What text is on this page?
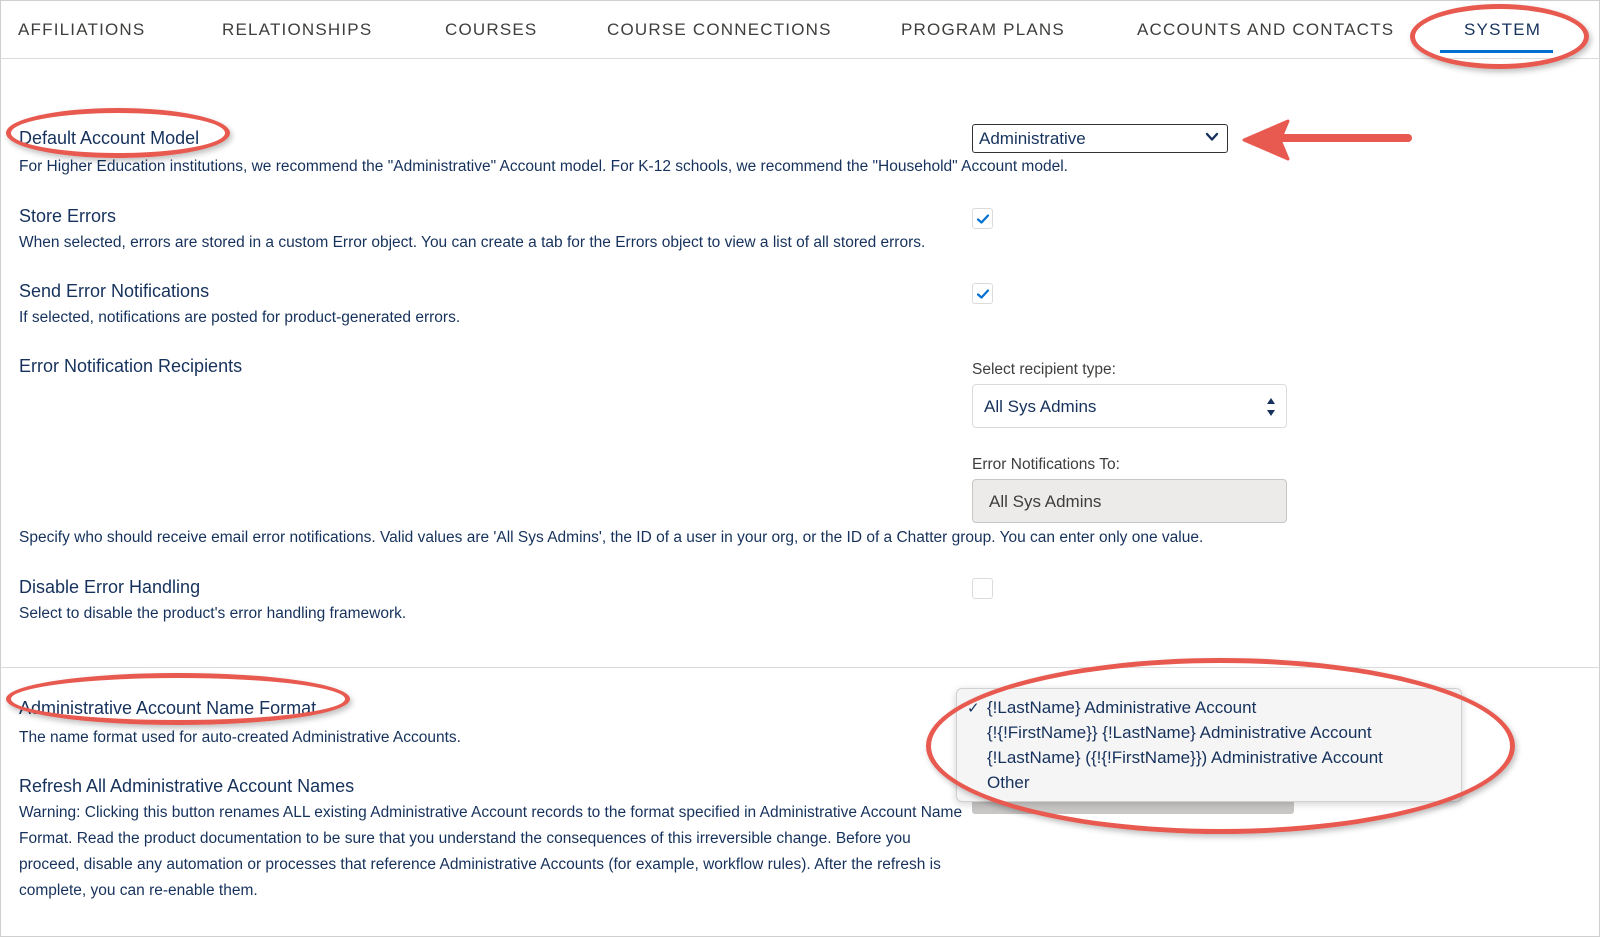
AFFILIATIONS	RELATIONSHIPS	COURSES	COURSE CONNECTIONS	PROGRAM PLANS	ACCOUNTS AND CONTACTS	SYSTEM
Default Account Model
For Higher Education institutions, we recommend the "Administrative" Account model. For K-12 schools, we recommend the "Household" Account model.
Administrative
Store Errors
When selected, errors are stored in a custom Error object. You can create a tab for the Errors object to view a list of all stored errors.
Send Error Notifications
If selected, notifications are posted for product-generated errors.
Error Notification Recipients	Select recipient type:
All Sys Admins
Error Notifications To:
All Sys Admins
Specify who should receive email error notifications. Valid values are 'All Sys Admins', the ID of a user in your org, or the ID of a Chatter group. You can enter only one value.
Disable Error Handling
Select to disable the product's error handling framework.
Administrative Account Name Format
The name format used for auto-created Administrative Accounts.
Refresh All Administrative Account Names
Warning: Clicking this button renames ALL existing Administrative Account records to the format specified in Administrative Account Name Format. Read the product documentation to be sure that you understand the consequences of this irreversible change. Before you proceed, disable any automation or processes that reference Administrative Accounts (for example, workflow rules). After the refresh is complete, you can re-enable them.
✓ {!LastName} Administrative Account
{!{!FirstName}} {!LastName} Administrative Account
{!LastName} ({!{!FirstName}}) Administrative Account
Other
